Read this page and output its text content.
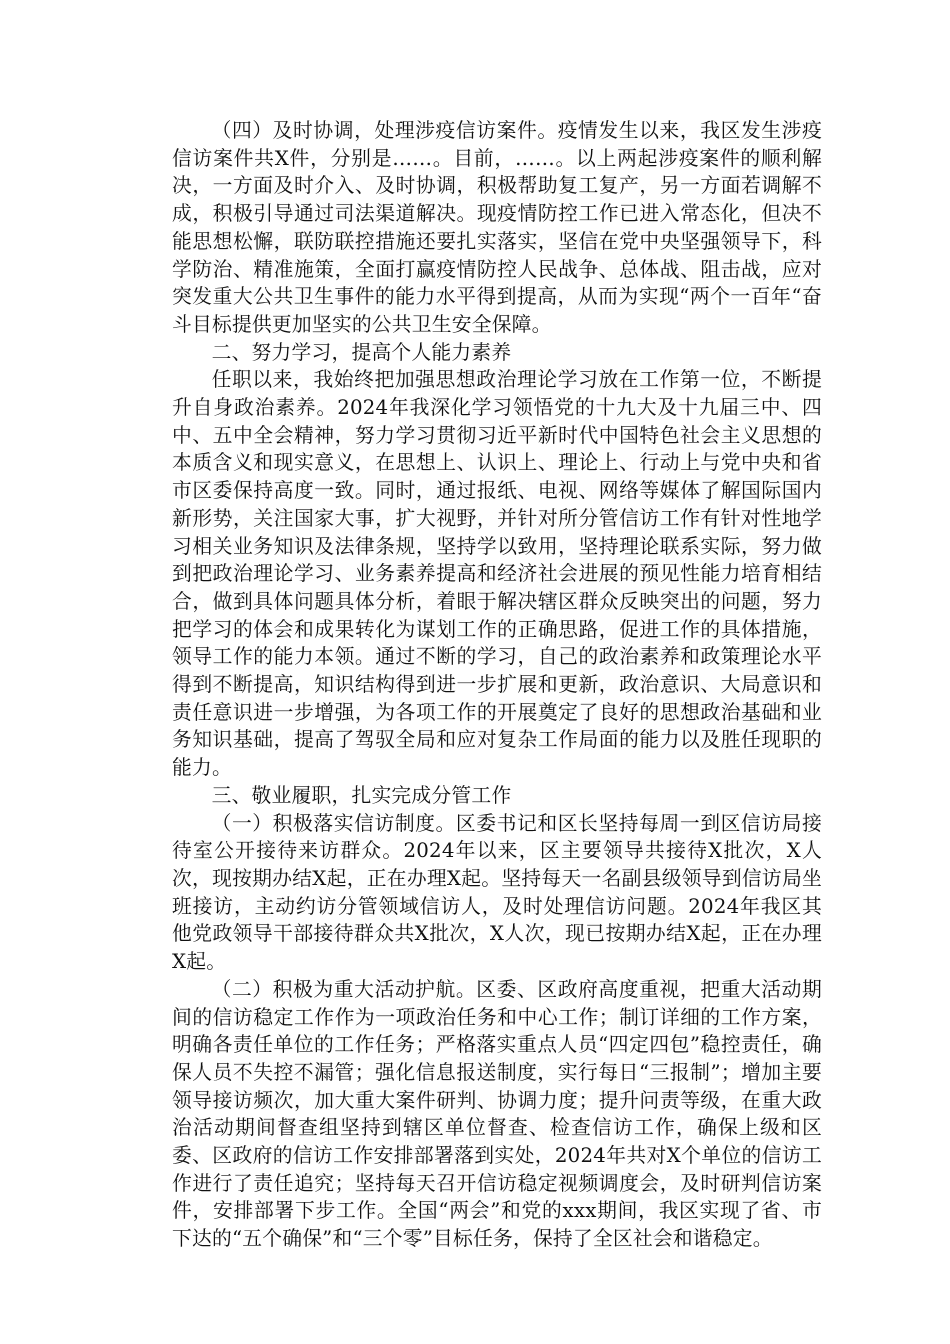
（四）及时协调，处理涉疫信访案件。疫情发生以来，我区发生涉疫信访案件共X件，分别是……。目前，……。以上两起涉疫案件的顺利解决，一方面及时介入、及时协调，积极帮助复工复产，另一方面若调解不成，积极引导通过司法渠道解决。现疫情防控工作已进入常态化，但决不能思想松懈，联防联控措施还要扎实落实，坚信在党中央坚强领导下，科学防治、精准施策，全面打赢疫情防控人民战争、总体战、阻击战，应对突发重大公共卫生事件的能力水平得到提高，从而为实现“两个一百年“奋斗目标提供更加坚实的公共卫生安全保障。

二、努力学习，提高个人能力素养

任职以来，我始终把加强思想政治理论学习放在工作第一位，不断提升自身政治素养。2024年我深化学习领悟党的十九大及十九届三中、四中、五中全会精神，努力学习贯彻习近平新时代中国特色社会主义思想的本质含义和现实意义，在思想上、认识上、理论上、行动上与党中央和省市区委保持高度一致。同时，通过报纸、电视、网络等媒体了解国际国内新形势，关注国家大事，扩大视野，并针对所分管信访工作有针对性地学习相关业务知识及法律条规，坚持学以致用，坚持理论联系实际，努力做到把政治理论学习、业务素养提高和经济社会进展的预见性能力培育相结合，做到具体问题具体分析，着眼于解决辖区群众反映突出的问题，努力把学习的体会和成果转化为谋划工作的正确思路，促进工作的具体措施，领导工作的能力本领。通过不断的学习，自己的政治素养和政策理论水平得到不断提高，知识结构得到进一步扩展和更新，政治意识、大局意识和责任意识进一步增强，为各项工作的开展奠定了良好的思想政治基础和业务知识基础，提高了驾驭全局和应对复杂工作局面的能力以及胜任现职的能力。

三、敬业履职，扎实完成分管工作

（一）积极落实信访制度。区委书记和区长坚持每周一到区信访局接待室公开接待来访群众。2024年以来，区主要领导共接待X批次，X人次，现按期办结X起，正在办理X起。坚持每天一名副县级领导到信访局坐班接访，主动约访分管领域信访人，及时处理信访问题。2024年我区其他党政领导干部接待群众共X批次，X人次，现已按期办结X起，正在办理X起。

（二）积极为重大活动护航。区委、区政府高度重视，把重大活动期间的信访稳定工作作为一项政治任务和中心工作；制订详细的工作方案，明确各责任单位的工作任务；严格落实重点人员“四定四包”稳控责任，确保人员不失控不漏管；强化信息报送制度，实行每日“三报制”；增加主要领导接访频次，加大重大案件研判、协调力度；提升问责等级，在重大政治活动期间督查组坚持到辖区单位督查、检查信访工作，确保上级和区委、区政府的信访工作安排部署落到实处，2024年共对X个单位的信访工作进行了责任追究；坚持每天召开信访稳定视频调度会，及时研判信访案件，安排部署下步工作。全国“两会”和党的xxx期间，我区实现了省、市下达的“五个确保”和“三个零”目标任务，保持了全区社会和谐稳定。
